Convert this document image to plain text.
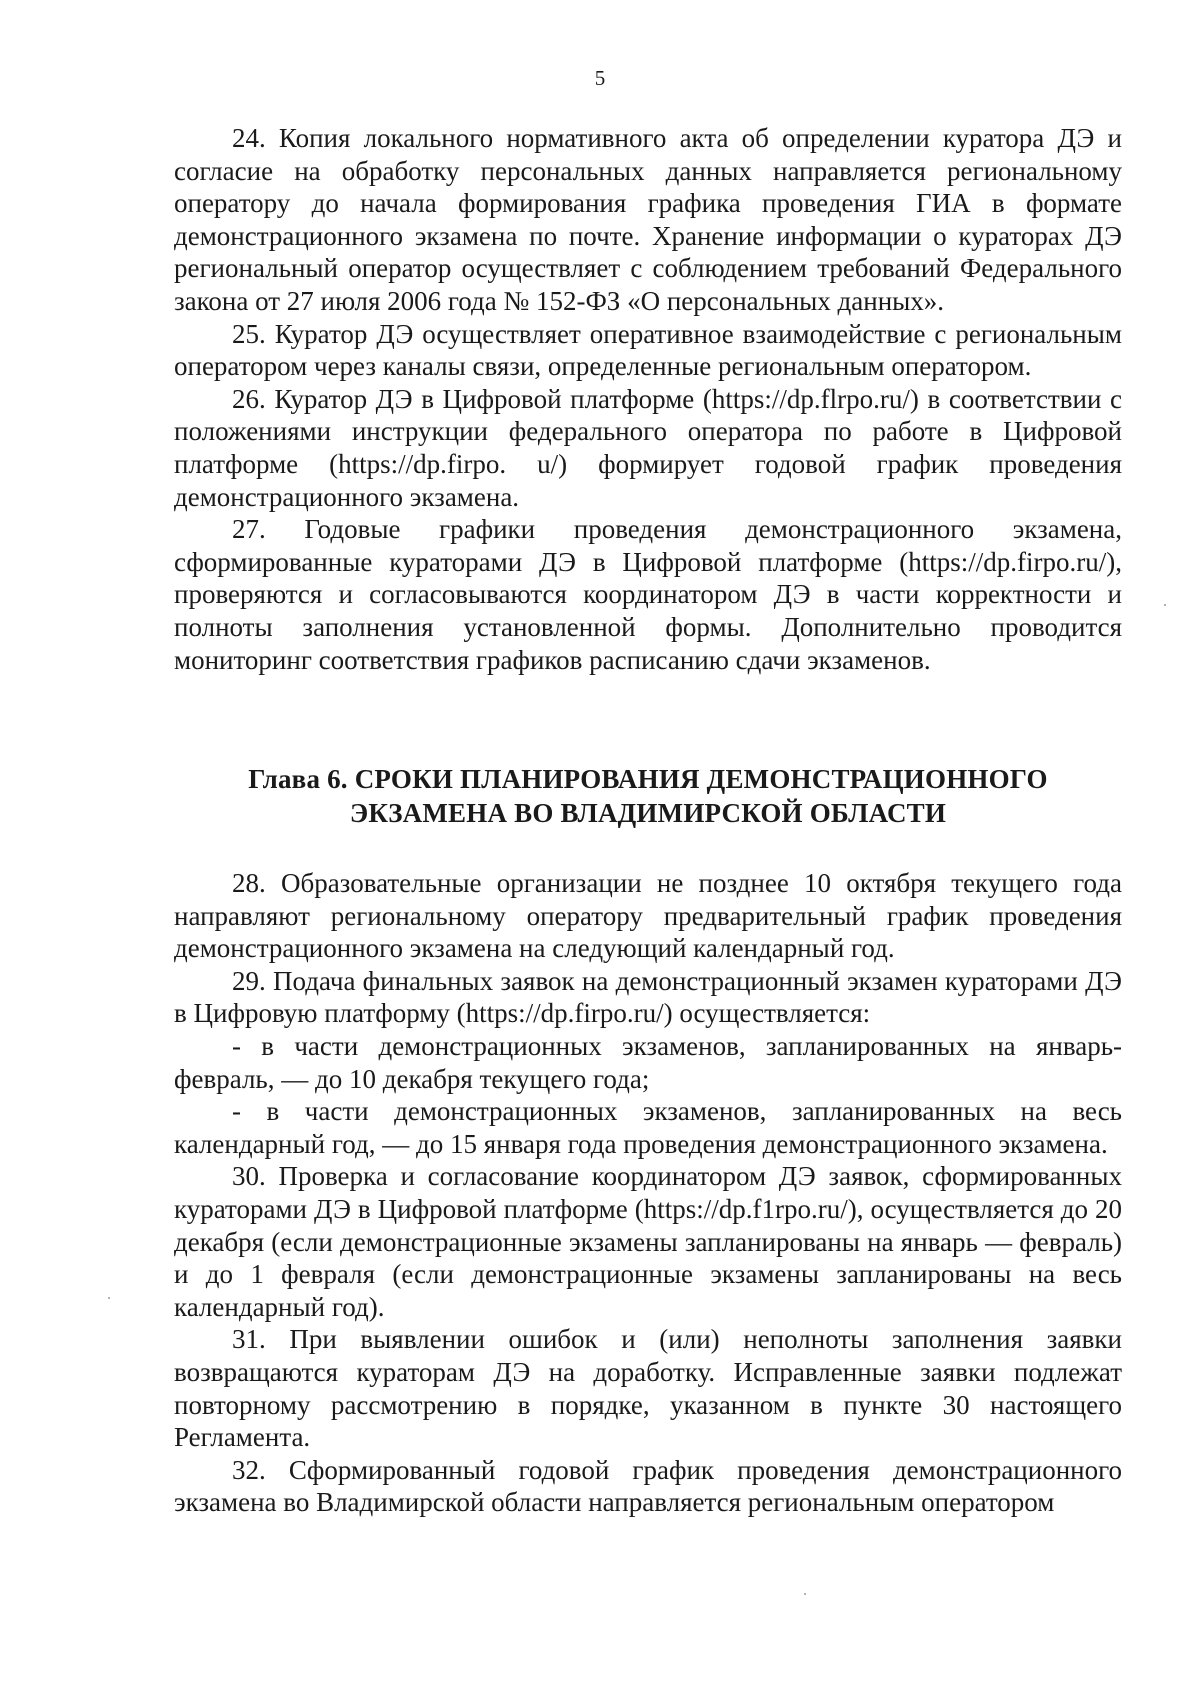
5

24. Копия локального нормативного акта об определении куратора ДЭ и согласие на обработку персональных данных направляется региональному оператору до начала формирования графика проведения ГИА в формате демонстрационного экзамена по почте. Хранение информации о кураторах ДЭ региональный оператор осуществляет с соблюдением требований Федерального закона от 27 июля 2006 года № 152-ФЗ «О персональных данных».

25. Куратор ДЭ осуществляет оперативное взаимодействие с региональным оператором через каналы связи, определенные региональным оператором.

26. Куратор ДЭ в Цифровой платформе (https://dp.flrpo.ru/) в соответствии с положениями инструкции федерального оператора по работе в Цифровой платформе (https://dp.firpo. u/) формирует годовой график проведения демонстрационного экзамена.

27. Годовые графики проведения демонстрационного экзамена, сформированные кураторами ДЭ в Цифровой платформе (https://dp.firpo.ru/), проверяются и согласовываются координатором ДЭ в части корректности и полноты заполнения установленной формы. Дополнительно проводится мониторинг соответствия графиков расписанию сдачи экзаменов.

Глава 6. СРОКИ ПЛАНИРОВАНИЯ ДЕМОНСТРАЦИОННОГО
ЭКЗАМЕНА ВО ВЛАДИМИРСКОЙ ОБЛАСТИ

28. Образовательные организации не позднее 10 октября текущего года направляют региональному оператору предварительный график проведения демонстрационного экзамена на следующий календарный год.

29. Подача финальных заявок на демонстрационный экзамен кураторами ДЭ в Цифровую платформу (https://dp.firpo.ru/) осуществляется:

- в части демонстрационных экзаменов, запланированных на январь-февраль, — до 10 декабря текущего года;

- в части демонстрационных экзаменов, запланированных на весь календарный год, — до 15 января года проведения демонстрационного экзамена.

30. Проверка и согласование координатором ДЭ заявок, сформированных кураторами ДЭ в Цифровой платформе (https://dp.f1rpo.ru/), осуществляется до 20 декабря (если демонстрационные экзамены запланированы на январь — февраль) и до 1 февраля (если демонстрационные экзамены запланированы на весь календарный год).

31. При выявлении ошибок и (или) неполноты заполнения заявки возвращаются кураторам ДЭ на доработку. Исправленные заявки подлежат повторному рассмотрению в порядке, указанном в пункте 30 настоящего Регламента.

32. Сформированный годовой график проведения демонстрационного экзамена во Владимирской области направляется региональным оператором
